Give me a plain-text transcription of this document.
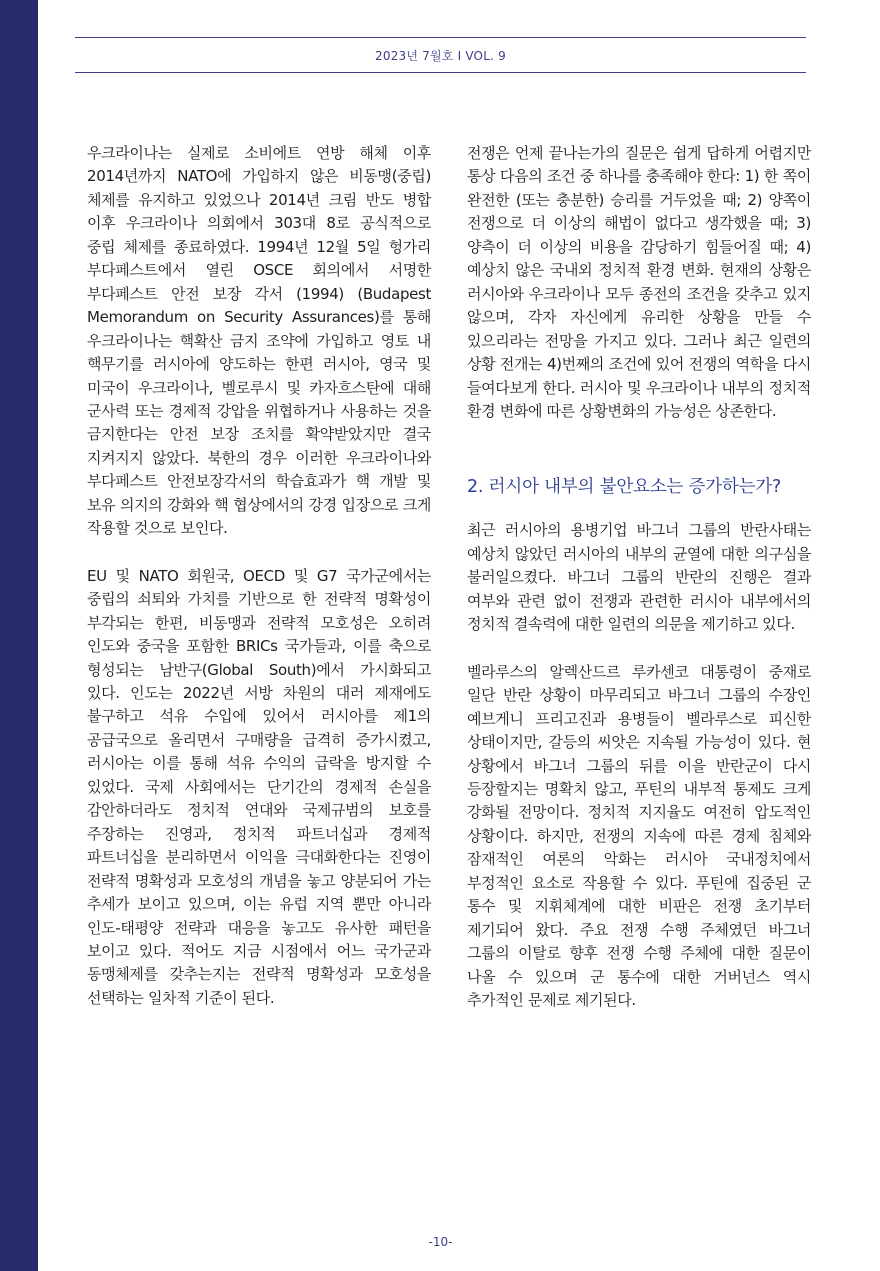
2023년 7월호 I VOL. 9

우크라이나는 실제로 소비에트 연방 해체 이후 2014년까지 NATO에 가입하지 않은 비동맹(중립) 체제를 유지하고 있었으나 2014년 크림 반도 병합 이후 우크라이나 의회에서 303대 8로 공식적으로 중립 체제를 종료하였다. 1994년 12월 5일 헝가리 부다페스트에서 열린 OSCE 회의에서 서명한 부다페스트 안전 보장 각서 (1994) (Budapest Memorandum on Security Assurances)를 통해 우크라이나는 핵확산 금지 조약에 가입하고 영토 내 핵무기를 러시아에 양도하는 한편 러시아, 영국 및 미국이 우크라이나, 벨로루시 및 카자흐스탄에 대해 군사력 또는 경제적 강압을 위협하거나 사용하는 것을 금지한다는 안전 보장 조치를 확약받았지만 결국 지켜지지 않았다. 북한의 경우 이러한 우크라이나와 부다페스트 안전보장각서의 학습효과가 핵 개발 및 보유 의지의 강화와 핵 협상에서의 강경 입장으로 크게 작용할 것으로 보인다.

EU 및 NATO 회원국, OECD 및 G7 국가군에서는 중립의 쇠퇴와 가치를 기반으로 한 전략적 명확성이 부각되는 한편, 비동맹과 전략적 모호성은 오히려 인도와 중국을 포함한 BRICs 국가들과, 이를 축으로 형성되는 남반구(Global South)에서 가시화되고 있다. 인도는 2022년 서방 차원의 대러 제재에도 불구하고 석유 수입에 있어서 러시아를 제1의 공급국으로 올리면서 구매량을 급격히 증가시켰고, 러시아는 이를 통해 석유 수익의 급락을 방지할 수 있었다. 국제 사회에서는 단기간의 경제적 손실을 감안하더라도 정치적 연대와 국제규범의 보호를 주장하는 진영과, 정치적 파트너십과 경제적 파트너십을 분리하면서 이익을 극대화한다는 진영이 전략적 명확성과 모호성의 개념을 놓고 양분되어 가는 추세가 보이고 있으며, 이는 유럽 지역 뿐만 아니라 인도-태평양 전략과 대응을 놓고도 유사한 패턴을 보이고 있다. 적어도 지금 시점에서 어느 국가군과 동맹체제를 갖추는지는 전략적 명확성과 모호성을 선택하는 일차적 기준이 된다.

전쟁은 언제 끝나는가의 질문은 쉽게 답하게 어렵지만 통상 다음의 조건 중 하나를 충족해야 한다: 1) 한 쪽이 완전한 (또는 충분한) 승리를 거두었을 때; 2) 양쪽이 전쟁으로 더 이상의 해법이 없다고 생각했을 때; 3) 양측이 더 이상의 비용을 감당하기 힘들어질 때; 4) 예상치 않은 국내외 정치적 환경 변화. 현재의 상황은 러시아와 우크라이나 모두 종전의 조건을 갖추고 있지 않으며, 각자 자신에게 유리한 상황을 만들 수 있으리라는 전망을 가지고 있다. 그러나 최근 일련의 상황 전개는 4)번째의 조건에 있어 전쟁의 역학을 다시 들여다보게 한다. 러시아 및 우크라이나 내부의 정치적 환경 변화에 따른 상황변화의 가능성은 상존한다.

2. 러시아 내부의 불안요소는 증가하는가?

최근 러시아의 용병기업 바그너 그룹의 반란사태는 예상치 않았던 러시아의 내부의 균열에 대한 의구심을 불러일으켰다. 바그너 그룹의 반란의 진행은 결과 여부와 관련 없이 전쟁과 관련한 러시아 내부에서의 정치적 결속력에 대한 일련의 의문을 제기하고 있다.

벨라루스의 알렉산드르 루카센코 대통령이 중재로 일단 반란 상황이 마무리되고 바그너 그룹의 수장인 예브게니 프리고진과 용병들이 벨라루스로 피신한 상태이지만, 갈등의 씨앗은 지속될 가능성이 있다. 현 상황에서 바그너 그룹의 뒤를 이을 반란군이 다시 등장할지는 명확치 않고, 푸틴의 내부적 통제도 크게 강화될 전망이다. 정치적 지지율도 여전히 압도적인 상황이다. 하지만, 전쟁의 지속에 따른 경제 침체와 잠재적인 여론의 악화는 러시아 국내정치에서 부정적인 요소로 작용할 수 있다. 푸틴에 집중된 군 통수 및 지휘체계에 대한 비판은 전쟁 초기부터 제기되어 왔다. 주요 전쟁 수행 주체였던 바그너 그룹의 이탈로 향후 전쟁 수행 주체에 대한 질문이 나올 수 있으며 군 통수에 대한 거버넌스 역시 추가적인 문제로 제기된다.

-10-
